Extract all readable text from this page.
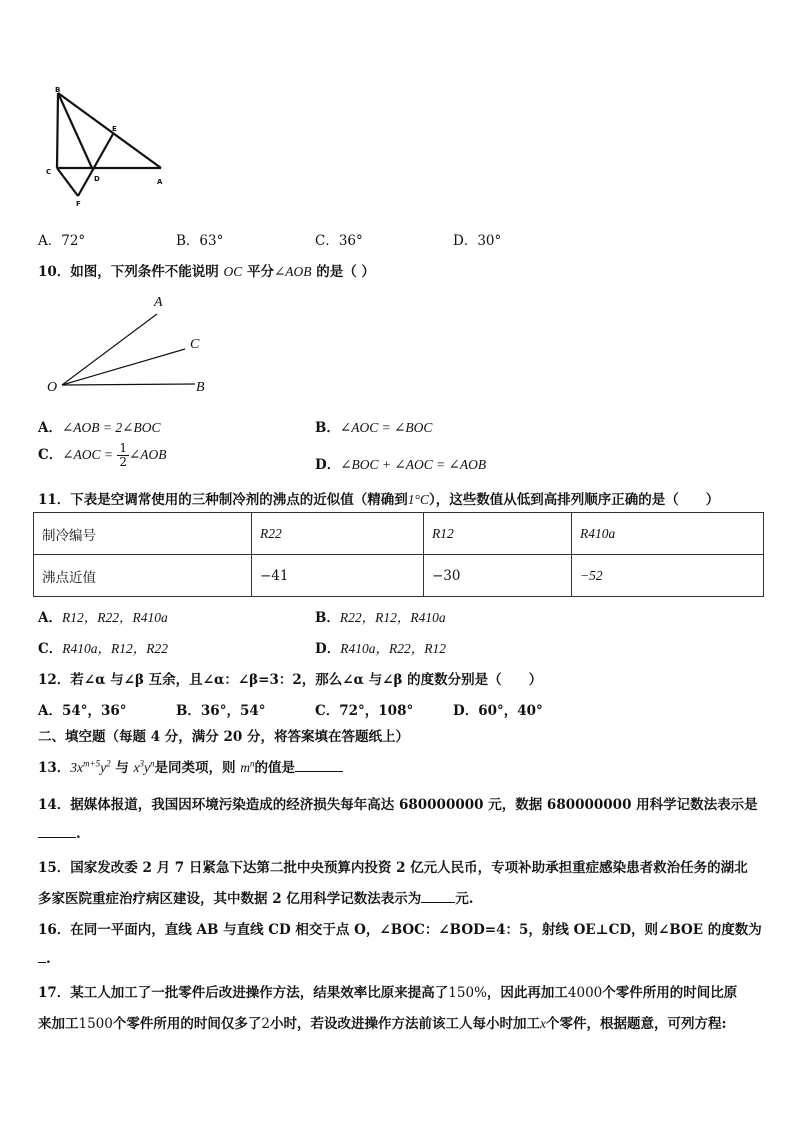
B
E
C
D	A
F
A．72°	B．63°	C．36°	D．30°
10．如图，下列条件不能说明 OC 平分∠AOB 的是（ ）
A
C
O	B
A．∠AOB = 2∠BOC	B．∠AOC = ∠BOC
C．∠AOC = $\frac{1}{2}$ ∠AOB
D．∠BOC + ∠AOC = ∠AOB
11．下表是空调常使用的三种制冷剂的沸点的近似值（精确到1°C），这些数值从低到高排列顺序正确的是（　　）
制冷编号	R22	R12	R410a
沸点近值	−41	−30	−52
A．R12，R22，R410a	B．R22，R12，R410a
C．R410a，R12，R22	D．R410a，R22，R12
12．若∠α 与∠β 互余，且∠α：∠β=3：2，那么∠α 与∠β 的度数分别是（　　）
A．54°，36°	B．36°，54°	C．72°，108°	D．60°，40°
二、填空题（每题 4 分，满分 20 分，将答案填在答题纸上）
13．$3x^{m+5}y^2$ 与 $x^3y^n$是同类项，则 $m^n$的值是
14．据媒体报道，我国因环境污染造成的经济损失每年高达 680000000 元，数据 680000000 用科学记数法表示是
.
15．国家发改委 2 月 7 日紧急下达第二批中央预算内投资 2 亿元人民币，专项补助承担重症感染患者救治任务的湖北
多家医院重症治疗病区建设，其中数据 2 亿用科学记数法表示为	元.
16．在同一平面内，直线 AB 与直线 CD 相交于点 O，∠BOC：∠BOD=4：5，射线 OE⊥CD，则∠BOE 的度数为
.
17．某工人加工了一批零件后改进操作方法，结果效率比原来提高了150%，因此再加工4000个零件所用的时间比原
来加工1500个零件所用的时间仅多了2小时，若设改进操作方法前该工人每小时加工x个零件，根据题意，可列方程:
